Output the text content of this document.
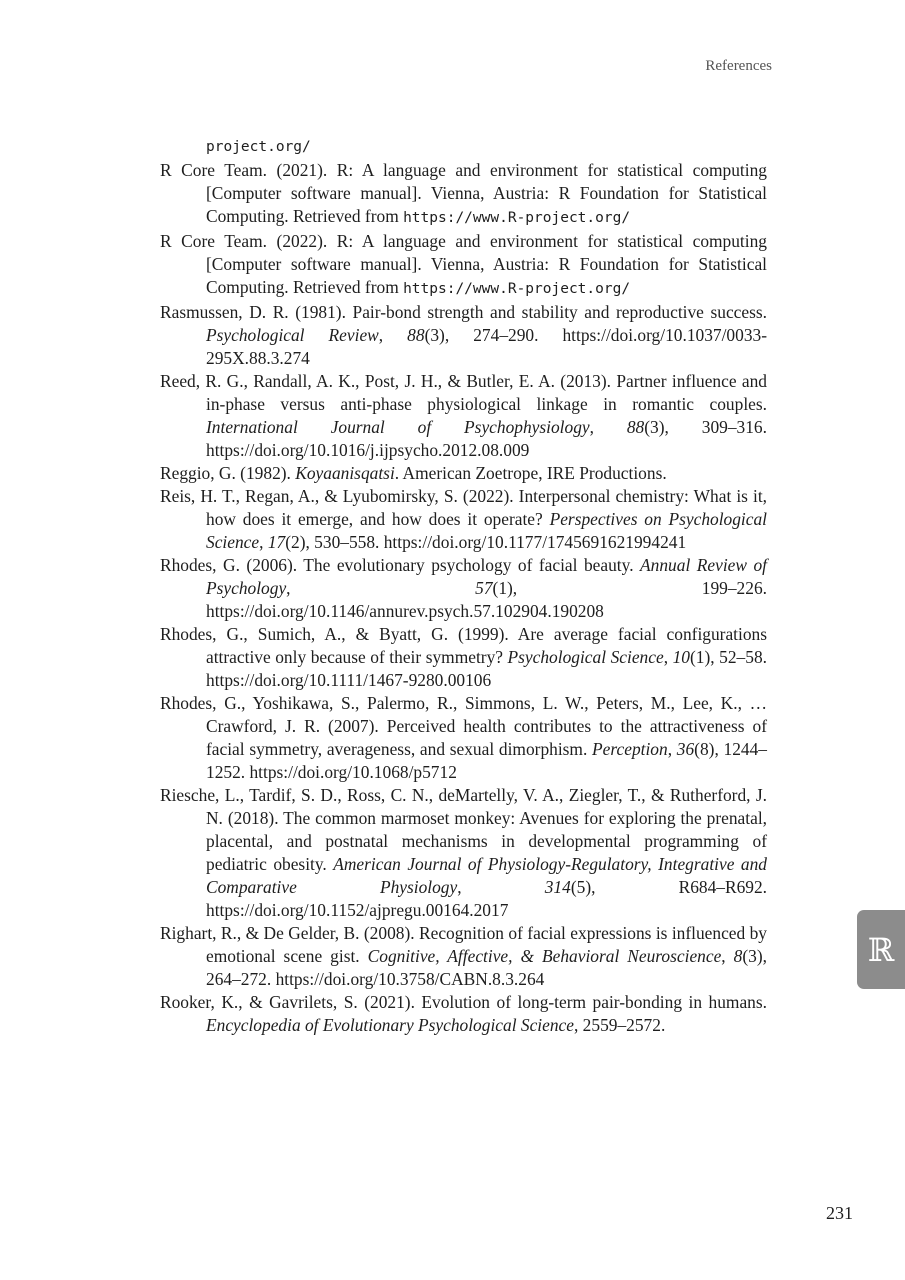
References
project.org/
R Core Team. (2021). R: A language and environment for statistical computing [Computer software manual]. Vienna, Austria: R Foundation for Statistical Computing. Retrieved from https://www.R-project.org/
R Core Team. (2022). R: A language and environment for statistical computing [Computer software manual]. Vienna, Austria: R Foundation for Statistical Computing. Retrieved from https://www.R-project.org/
Rasmussen, D. R. (1981). Pair-bond strength and stability and reproductive success. Psychological Review, 88(3), 274–290. https://doi.org/10.1037/0033-295X.88.3.274
Reed, R. G., Randall, A. K., Post, J. H., & Butler, E. A. (2013). Partner influence and in-phase versus anti-phase physiological linkage in romantic couples. International Journal of Psychophysiology, 88(3), 309–316. https://doi.org/10.1016/j.ijpsycho.2012.08.009
Reggio, G. (1982). Koyaanisqatsi. American Zoetrope, IRE Productions.
Reis, H. T., Regan, A., & Lyubomirsky, S. (2022). Interpersonal chemistry: What is it, how does it emerge, and how does it operate? Perspectives on Psychological Science, 17(2), 530–558. https://doi.org/10.1177/1745691621994241
Rhodes, G. (2006). The evolutionary psychology of facial beauty. Annual Review of Psychology, 57(1), 199–226. https://doi.org/10.1146/annurev.psych.57.102904.190208
Rhodes, G., Sumich, A., & Byatt, G. (1999). Are average facial configurations attractive only because of their symmetry? Psychological Science, 10(1), 52–58. https://doi.org/10.1111/1467-9280.00106
Rhodes, G., Yoshikawa, S., Palermo, R., Simmons, L. W., Peters, M., Lee, K., … Crawford, J. R. (2007). Perceived health contributes to the attractiveness of facial symmetry, averageness, and sexual dimorphism. Perception, 36(8), 1244–1252. https://doi.org/10.1068/p5712
Riesche, L., Tardif, S. D., Ross, C. N., deMartelly, V. A., Ziegler, T., & Rutherford, J. N. (2018). The common marmoset monkey: Avenues for exploring the prenatal, placental, and postnatal mechanisms in developmental programming of pediatric obesity. American Journal of Physiology-Regulatory, Integrative and Comparative Physiology, 314(5), R684–R692. https://doi.org/10.1152/ajpregu.00164.2017
Righart, R., & De Gelder, B. (2008). Recognition of facial expressions is influenced by emotional scene gist. Cognitive, Affective, & Behavioral Neuroscience, 8(3), 264–272. https://doi.org/10.3758/CABN.8.3.264
Rooker, K., & Gavrilets, S. (2021). Evolution of long-term pair-bonding in humans. Encyclopedia of Evolutionary Psychological Science, 2559–2572.
ℝ
231
